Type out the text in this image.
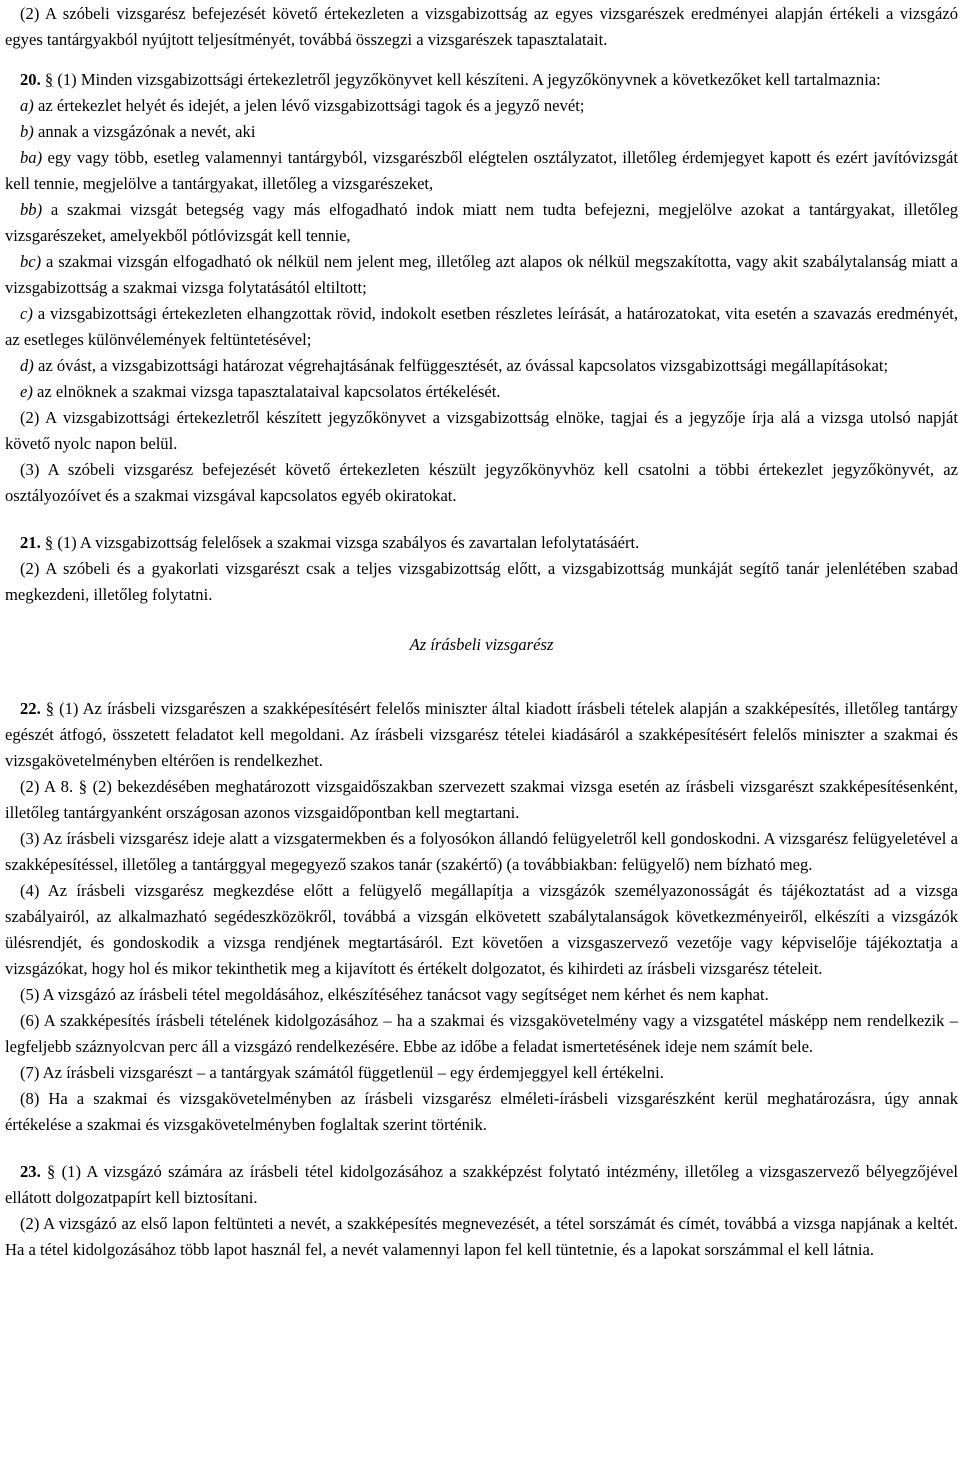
(2) A szóbeli vizsgarész befejezését követő értekezleten a vizsgabizottság az egyes vizsgarészek eredményei alapján értékeli a vizsgázó egyes tantárgyakból nyújtott teljesítményét, továbbá összegzi a vizsgarészek tapasztalatait.

20. § (1) Minden vizsgabizottsági értekezletről jegyzőkönyvet kell készíteni. A jegyzőkönyvnek a következőket kell tartalmaznia:

a) az értekezlet helyét és idejét, a jelen lévő vizsgabizottsági tagok és a jegyző nevét;

b) annak a vizsgázónak a nevét, aki

ba) egy vagy több, esetleg valamennyi tantárgyból, vizsgarészből elégtelen osztályzatot, illetőleg érdemjegyet kapott és ezért javítóvizsgát kell tennie, megjelölve a tantárgyakat, illetőleg a vizsgarészeket,

bb) a szakmai vizsgát betegség vagy más elfogadható indok miatt nem tudta befejezni, megjelölve azokat a tantárgyakat, illetőleg vizsgarészeket, amelyekből pótlóvizsgát kell tennie,

bc) a szakmai vizsgán elfogadható ok nélkül nem jelent meg, illetőleg azt alapos ok nélkül megszakította, vagy akit szabálytalanság miatt a vizsgabizottság a szakmai vizsga folytatásától eltiltott;

c) a vizsgabizottsági értekezleten elhangzottak rövid, indokolt esetben részletes leírását, a határozatokat, vita esetén a szavazás eredményét, az esetleges különvélemények feltüntetésével;

d) az óvást, a vizsgabizottsági határozat végrehajtásának felfüggesztését, az óvással kapcsolatos vizsgabizottsági megállapításokat;

e) az elnöknek a szakmai vizsga tapasztalataival kapcsolatos értékelését.

(2) A vizsgabizottsági értekezletről készített jegyzőkönyvet a vizsgabizottság elnöke, tagjai és a jegyzője írja alá a vizsga utolsó napját követő nyolc napon belül.

(3) A szóbeli vizsgarész befejezését követő értekezleten készült jegyzőkönyvhöz kell csatolni a többi értekezlet jegyzőkönyvét, az osztályozóívet és a szakmai vizsgával kapcsolatos egyéb okiratokat.

21. § (1) A vizsgabizottság felelősek a szakmai vizsga szabályos és zavartalan lefolytatásáért.

(2) A szóbeli és a gyakorlati vizsgarészt csak a teljes vizsgabizottság előtt, a vizsgabizottság munkáját segítő tanár jelenlétében szabad megkezdeni, illetőleg folytatni.

Az írásbeli vizsgarész

22. § (1) Az írásbeli vizsgarészen a szakképesítésért felelős miniszter által kiadott írásbeli tételek alapján a szakképesítés, illetőleg tantárgy egészét átfogó, összetett feladatot kell megoldani. Az írásbeli vizsgarész tételei kiadásáról a szakképesítésért felelős miniszter a szakmai és vizsgakövetelményben eltérően is rendelkezhet.

(2) A 8. § (2) bekezdésében meghatározott vizsgaidőszakban szervezett szakmai vizsga esetén az írásbeli vizsgarészt szakképesítésenként, illetőleg tantárgyanként országosan azonos vizsgaidőpontban kell megtartani.

(3) Az írásbeli vizsgarész ideje alatt a vizsgatermekben és a folyosókon állandó felügyeletről kell gondoskodni. A vizsgarész felügyeletével a szakképesítéssel, illetőleg a tantárggyal megegyező szakos tanár (szakértő) (a továbbiakban: felügyelő) nem bízható meg.

(4) Az írásbeli vizsgarész megkezdése előtt a felügyelő megállapítja a vizsgázók személyazonosságát és tájékoztatást ad a vizsga szabályairól, az alkalmazható segédeszközökről, továbbá a vizsgán elkövetett szabálytalanságok következményeiről, elkészíti a vizsgázók ülésrendjét, és gondoskodik a vizsga rendjének megtartásáról. Ezt követően a vizsgaszervező vezetője vagy képviselője tájékoztatja a vizsgázókat, hogy hol és mikor tekinthetik meg a kijavított és értékelt dolgozatot, és kihirdeti az írásbeli vizsgarész tételeit.

(5) A vizsgázó az írásbeli tétel megoldásához, elkészítéséhez tanácsot vagy segítséget nem kérhet és nem kaphat.

(6) A szakképesítés írásbeli tételének kidolgozásához – ha a szakmai és vizsgakövetelmény vagy a vizsgatétel másképp nem rendelkezik – legfeljebb száznyolcvan perc áll a vizsgázó rendelkezésére. Ebbe az időbe a feladat ismertetésének ideje nem számít bele.

(7) Az írásbeli vizsgarészt – a tantárgyak számától függetlenül – egy érdemjeggyel kell értékelni.

(8) Ha a szakmai és vizsgakövetelményben az írásbeli vizsgarész elméleti-írásbeli vizsgarészként kerül meghatározásra, úgy annak értékelése a szakmai és vizsgakövetelményben foglaltak szerint történik.

23. § (1) A vizsgázó számára az írásbeli tétel kidolgozásához a szakképzést folytató intézmény, illetőleg a vizsgaszervező bélyegzőjével ellátott dolgozatpapírt kell biztosítani.

(2) A vizsgázó az első lapon feltünteti a nevét, a szakképesítés megnevezését, a tétel sorszámát és címét, továbbá a vizsga napjának a keltét. Ha a tétel kidolgozásához több lapot használ fel, a nevét valamennyi lapon fel kell tüntetnie, és a lapokat sorszámmal el kell látnia.
